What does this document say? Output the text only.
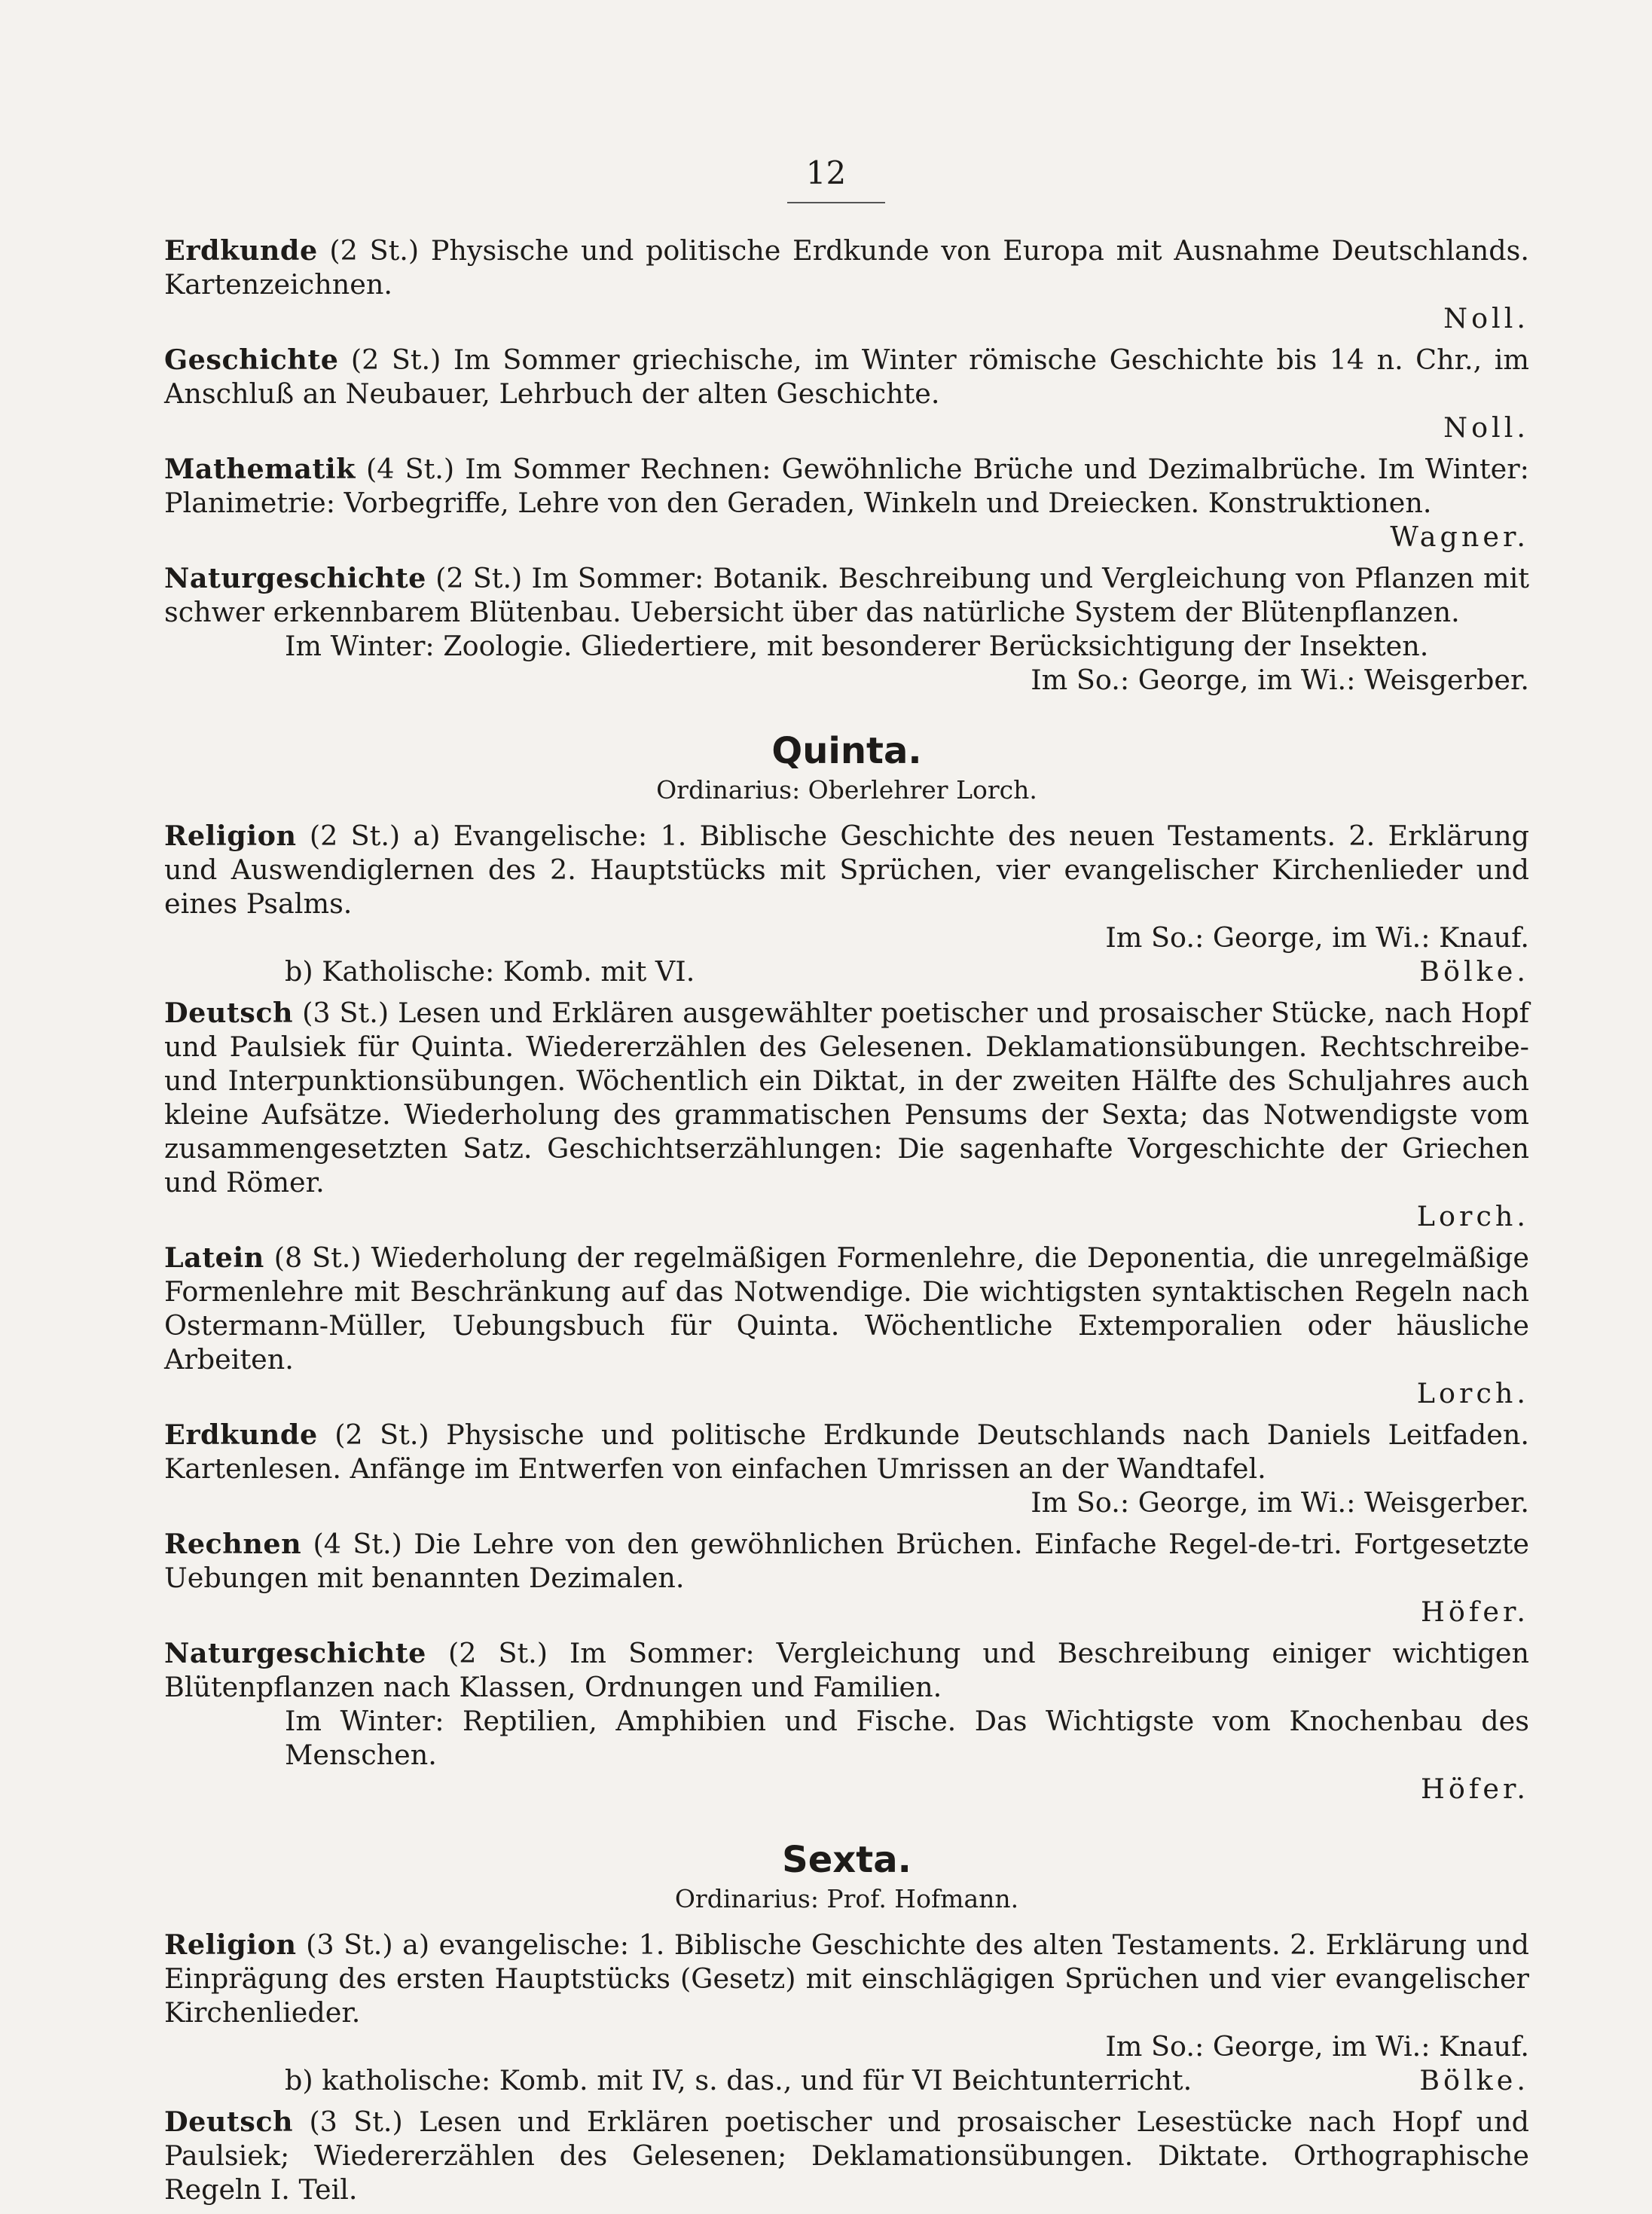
12
Erdkunde (2 St.) Physische und politische Erdkunde von Europa mit Ausnahme Deutschlands. Kartenzeichnen.
Noll.
Geschichte (2 St.) Im Sommer griechische, im Winter römische Geschichte bis 14 n. Chr., im Anschluß an Neubauer, Lehrbuch der alten Geschichte.
Noll.
Mathematik (4 St.) Im Sommer Rechnen: Gewöhnliche Brüche und Dezimalbrüche. Im Winter: Planimetrie: Vorbegriffe, Lehre von den Geraden, Winkeln und Dreiecken. Konstruktionen.
Wagner.
Naturgeschichte (2 St.) Im Sommer: Botanik. Beschreibung und Vergleichung von Pflanzen mit schwer erkennbarem Blütenbau. Uebersicht über das natürliche System der Blütenpflanzen.
Im Winter: Zoologie. Gliedertiere, mit besonderer Berücksichtigung der Insekten.
Im So.: George, im Wi.: Weisgerber.
Quinta.
Ordinarius: Oberlehrer Lorch.
Religion (2 St.) a) Evangelische: 1. Biblische Geschichte des neuen Testaments. 2. Erklärung und Auswendiglernen des 2. Hauptstücks mit Sprüchen, vier evangelischer Kirchenlieder und eines Psalms.
Im So.: George, im Wi.: Knauf.
b) Katholische: Komb. mit VI.	Bölke.
Deutsch (3 St.) Lesen und Erklären ausgewählter poetischer und prosaischer Stücke, nach Hopf und Paulsiek für Quinta. Wiedererzählen des Gelesenen. Deklamationsübungen. Rechtschreibe- und Interpunktionsübungen. Wöchentlich ein Diktat, in der zweiten Hälfte des Schuljahres auch kleine Aufsätze. Wiederholung des grammatischen Pensums der Sexta; das Notwendigste vom zusammengesetzten Satz. Geschichtserzählungen: Die sagenhafte Vorgeschichte der Griechen und Römer.
Lorch.
Latein (8 St.) Wiederholung der regelmäßigen Formenlehre, die Deponentia, die unregelmäßige Formenlehre mit Beschränkung auf das Notwendige. Die wichtigsten syntaktischen Regeln nach Ostermann-Müller, Uebungsbuch für Quinta. Wöchentliche Extemporalien oder häusliche Arbeiten.
Lorch.
Erdkunde (2 St.) Physische und politische Erdkunde Deutschlands nach Daniels Leitfaden. Kartenlesen. Anfänge im Entwerfen von einfachen Umrissen an der Wandtafel.
Im So.: George, im Wi.: Weisgerber.
Rechnen (4 St.) Die Lehre von den gewöhnlichen Brüchen. Einfache Regel-de-tri. Fortgesetzte Uebungen mit benannten Dezimalen.
Höfer.
Naturgeschichte (2 St.) Im Sommer: Vergleichung und Beschreibung einiger wichtigen Blütenpflanzen nach Klassen, Ordnungen und Familien.
Im Winter: Reptilien, Amphibien und Fische. Das Wichtigste vom Knochenbau des Menschen.
Höfer.
Sexta.
Ordinarius: Prof. Hofmann.
Religion (3 St.) a) evangelische: 1. Biblische Geschichte des alten Testaments. 2. Erklärung und Einprägung des ersten Hauptstücks (Gesetz) mit einschlägigen Sprüchen und vier evangelischer Kirchenlieder.
Im So.: George, im Wi.: Knauf.
b) katholische: Komb. mit IV, s. das., und für VI Beichtunterricht.	Bölke.
Deutsch (3 St.) Lesen und Erklären poetischer und prosaischer Lesestücke nach Hopf und Paulsiek; Wiedererzählen des Gelesenen; Deklamationsübungen. Diktate. Orthographische Regeln I. Teil.
